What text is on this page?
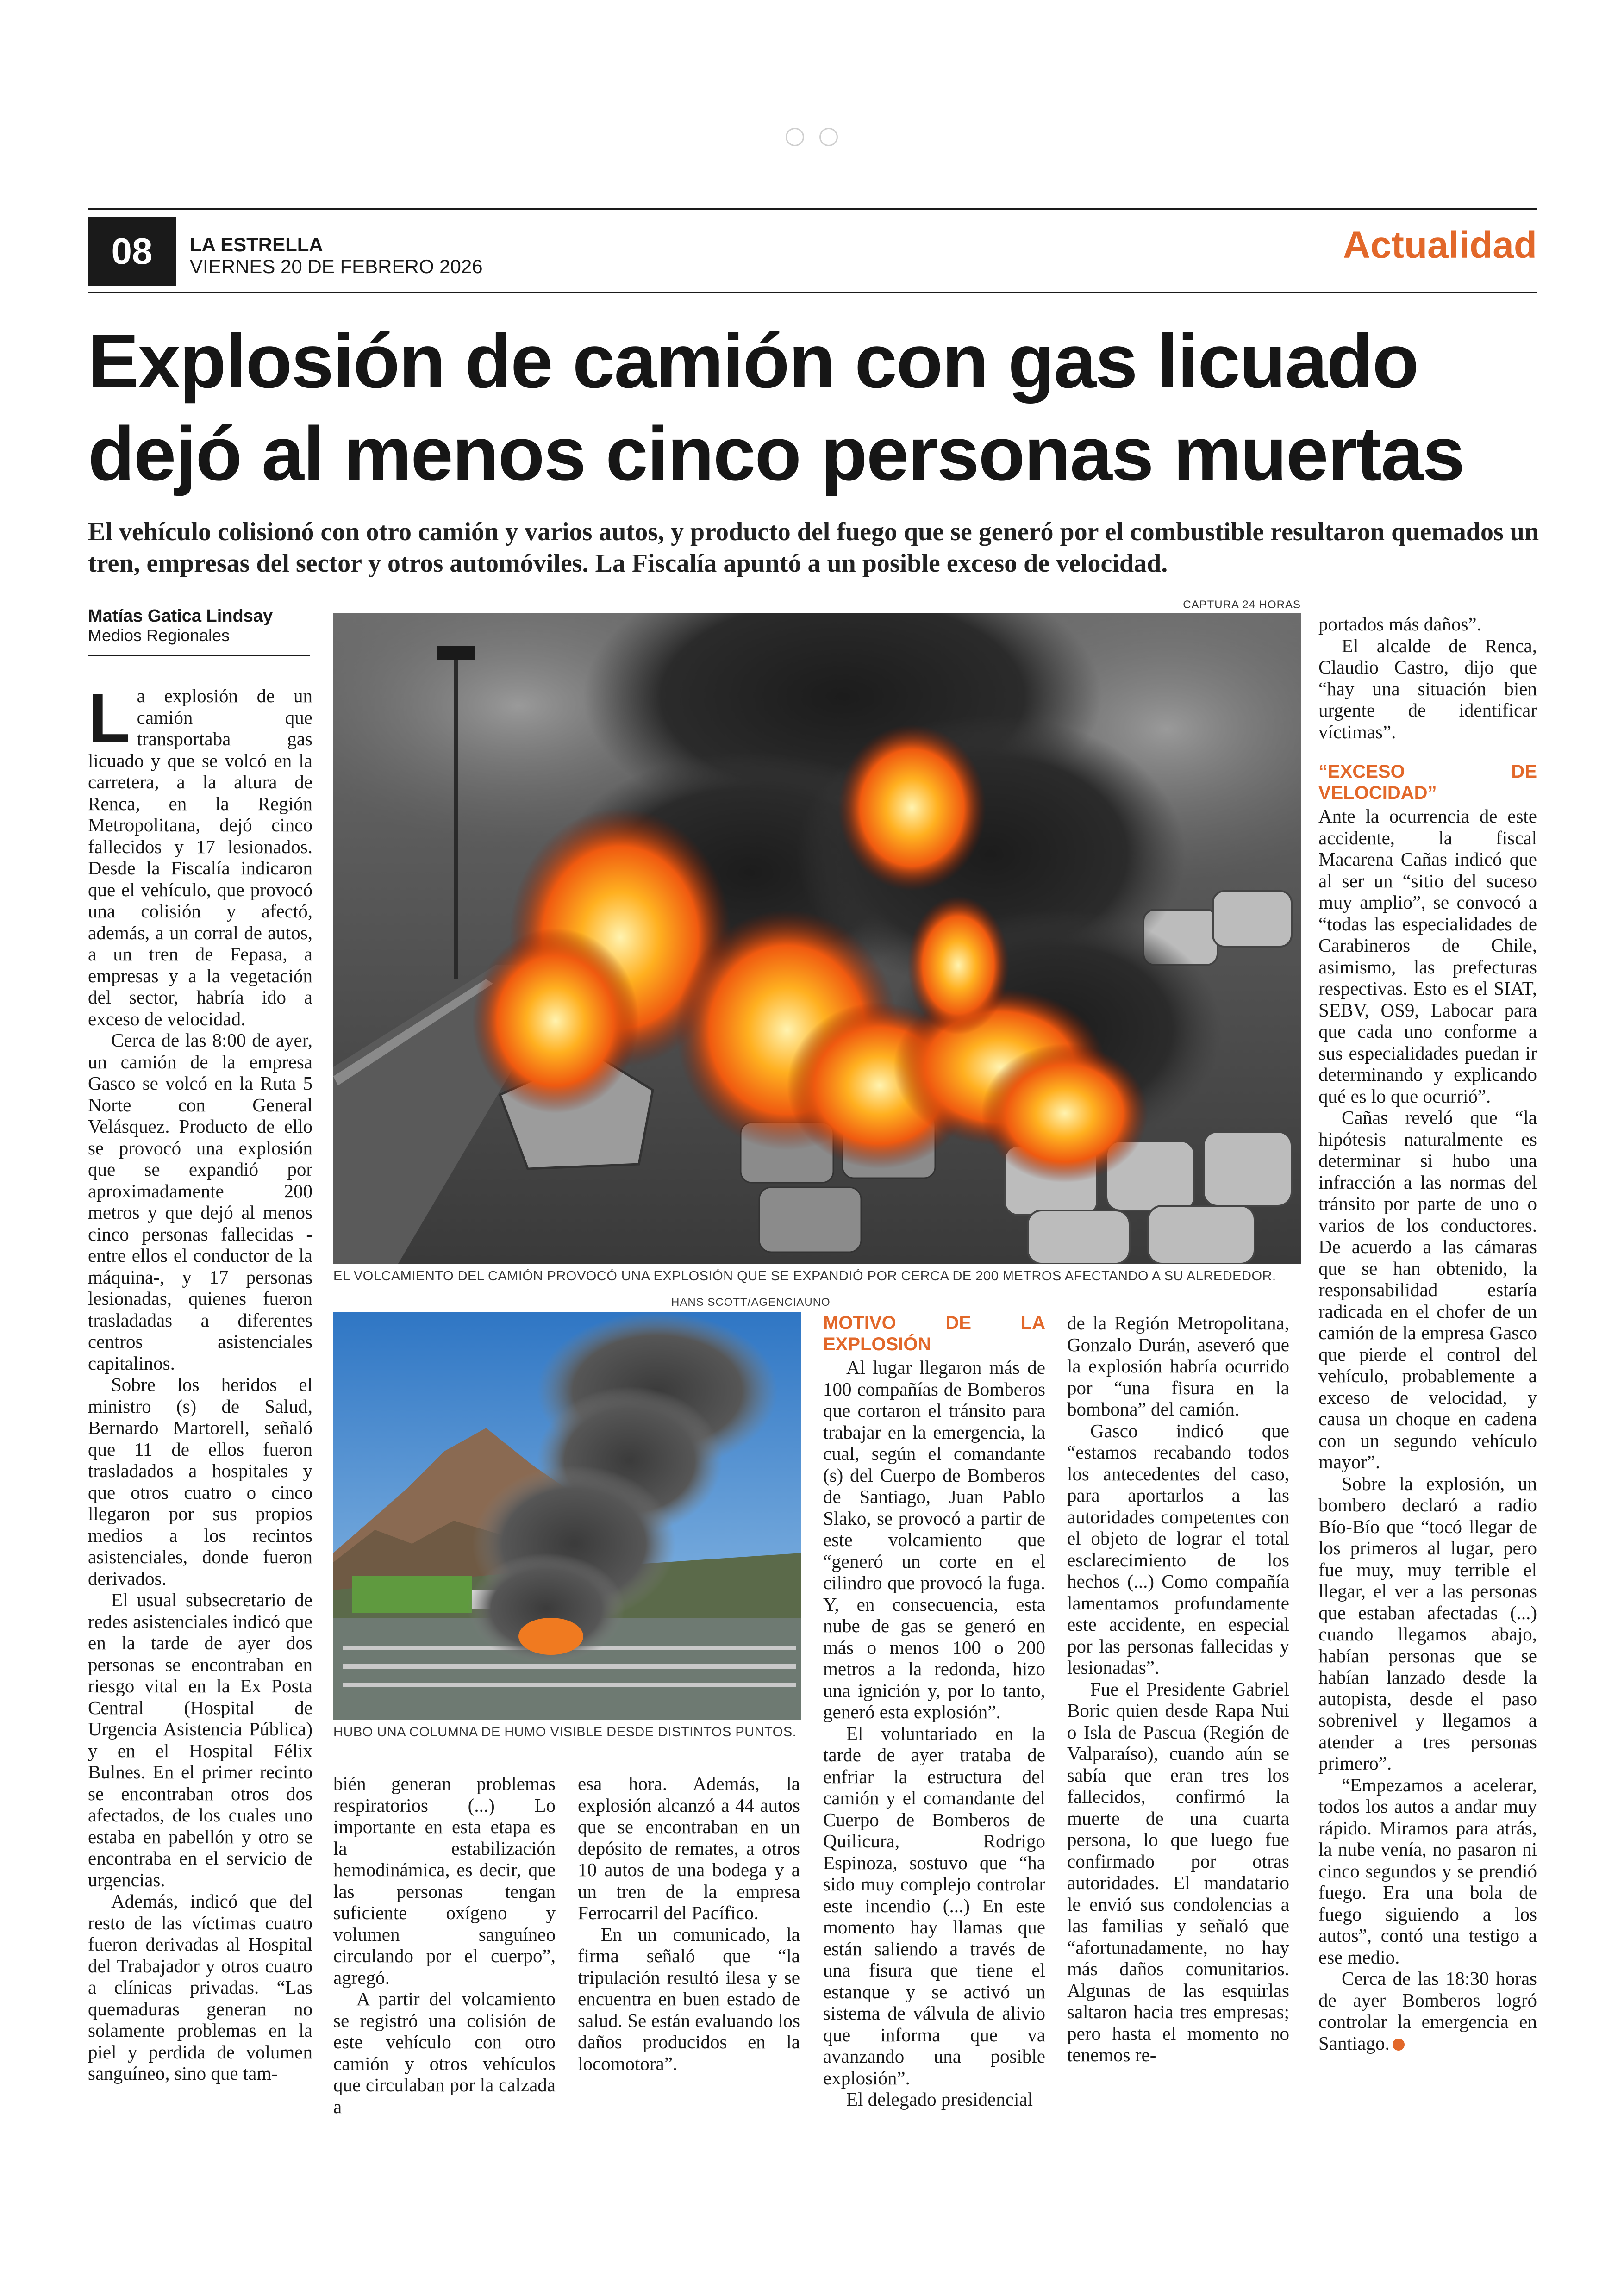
08	LA ESTRELLA
VIERNES 20 DE FEBRERO 2026
Actualidad
Explosión de camión con gas licuado
dejó al menos cinco personas muertas
El vehículo colisionó con otro camión y varios autos, y producto del fuego que se generó por el combustible resultaron quemados un tren, empresas del sector y otros automóviles. La Fiscalía apuntó a un posible exceso de velocidad.
Matías Gatica Lindsay
Medios Regionales
CAPTURA 24 HORAS
EL VOLCAMIENTO DEL CAMIÓN PROVOCÓ UNA EXPLOSIÓN QUE SE EXPANDIÓ POR CERCA DE 200 METROS AFECTANDO A SU ALREDEDOR.
HANS SCOTT/AGENCIAUNO
HUBO UNA COLUMNA DE HUMO VISIBLE DESDE DISTINTOS PUNTOS.

La explosión de un camión que transportaba gas licuado y que se volcó en la carretera, a la altura de Renca, en la Región Metropolitana, dejó cinco fallecidos y 17 lesionados. Desde la Fiscalía indicaron que el vehículo, que provocó una colisión y afectó, además, a un corral de autos, a un tren de Fepasa, a empresas y a la vegetación del sector, habría ido a exceso de velocidad.

Cerca de las 8:00 de ayer, un camión de la empresa Gasco se volcó en la Ruta 5 Norte con General Velásquez. Producto de ello se provocó una explosión que se expandió por aproximadamente 200 metros y que dejó al menos cinco personas fallecidas -entre ellos el conductor de la máquina-, y 17 personas lesionadas, quienes fueron trasladadas a diferentes centros asistenciales capitalinos.

Sobre los heridos el ministro (s) de Salud, Bernardo Martorell, señaló que 11 de ellos fueron trasladados a hospitales y que otros cuatro o cinco llegaron por sus propios medios a los recintos asistenciales, donde fueron derivados.

El usual subsecretario de redes asistenciales indicó que en la tarde de ayer dos personas se encontraban en riesgo vital en la Ex Posta Central (Hospital de Urgencia Asistencia Pública) y en el Hospital Félix Bulnes. En el primer recinto se encontraban otros dos afectados, de los cuales uno estaba en pabellón y otro se encontraba en el servicio de urgencias.

Además, indicó que del resto de las víctimas cuatro fueron derivadas al Hospital del Trabajador y otros cuatro a clínicas privadas. “Las quemaduras generan no solamente problemas en la piel y perdida de volumen sanguíneo, sino que tam-

bién generan problemas respiratorios (...) Lo importante en esta etapa es la estabilización hemodinámica, es decir, que las personas tengan suficiente oxígeno y volumen sanguíneo circulando por el cuerpo”, agregó.

A partir del volcamiento se registró una colisión de este vehículo con otro camión y otros vehículos que circulaban por la calzada a

esa hora. Además, la explosión alcanzó a 44 autos que se encontraban en un depósito de remates, a otros 10 autos de una bodega y a un tren de la empresa Ferrocarril del Pacífico.

En un comunicado, la firma señaló que “la tripulación resultó ilesa y se encuentra en buen estado de salud. Se están evaluando los daños producidos en la locomotora”.

MOTIVO DE LA EXPLOSIÓN

Al lugar llegaron más de 100 compañías de Bomberos que cortaron el tránsito para trabajar en la emergencia, la cual, según el comandante (s) del Cuerpo de Bomberos de Santiago, Juan Pablo Slako, se provocó a partir de este volcamiento que “generó un corte en el cilindro que provocó la fuga. Y, en consecuencia, esta nube de gas se generó en más o menos 100 o 200 metros a la redonda, hizo una ignición y, por lo tanto, generó esta explosión”.

El voluntariado en la tarde de ayer trataba de enfriar la estructura del camión y el comandante del Cuerpo de Bomberos de Quilicura, Rodrigo Espinoza, sostuvo que “ha sido muy complejo controlar este incendio (...) En este momento hay llamas que están saliendo a través de una fisura que tiene el estanque y se activó un sistema de válvula de alivio que informa que va avanzando una posible explosión”.

El delegado presidencial

de la Región Metropolitana, Gonzalo Durán, aseveró que la explosión habría ocurrido por “una fisura en la bombona” del camión.

Gasco indicó que “estamos recabando todos los antecedentes del caso, para aportarlos a las autoridades competentes con el objeto de lograr el total esclarecimiento de los hechos (...) Como compañía lamentamos profundamente este accidente, en especial por las personas fallecidas y lesionadas”.

Fue el Presidente Gabriel Boric quien desde Rapa Nui o Isla de Pascua (Región de Valparaíso), cuando aún se sabía que eran tres los fallecidos, confirmó la muerte de una cuarta persona, lo que luego fue confirmado por otras autoridades. El mandatario le envió sus condolencias a las familias y señaló que “afortunadamente, no hay más daños comunitarios. Algunas de las esquirlas saltaron hacia tres empresas; pero hasta el momento no tenemos re-

portados más daños”.

El alcalde de Renca, Claudio Castro, dijo que “hay una situación bien urgente de identificar víctimas”.

“EXCESO DE VELOCIDAD”

Ante la ocurrencia de este accidente, la fiscal Macarena Cañas indicó que al ser un “sitio del suceso muy amplio”, se convocó a “todas las especialidades de Carabineros de Chile, asimismo, las prefecturas respectivas. Esto es el SIAT, SEBV, OS9, Labocar para que cada uno conforme a sus especialidades puedan ir determinando y explicando qué es lo que ocurrió”.

Cañas reveló que “la hipótesis naturalmente es determinar si hubo una infracción a las normas del tránsito por parte de uno o varios de los conductores. De acuerdo a las cámaras que se han obtenido, la responsabilidad estaría radicada en el chofer de un camión de la empresa Gasco que pierde el control del vehículo, probablemente a exceso de velocidad, y causa un choque en cadena con un segundo vehículo mayor”.

Sobre la explosión, un bombero declaró a radio Bío-Bío que “tocó llegar de los primeros al lugar, pero fue muy, muy terrible el llegar, el ver a las personas que estaban afectadas (...) cuando llegamos abajo, habían personas que se habían lanzado desde la autopista, desde el paso sobrenivel y llegamos a atender a tres personas primero”.

“Empezamos a acelerar, todos los autos a andar muy rápido. Miramos para atrás, la nube venía, no pasaron ni cinco segundos y se prendió fuego. Era una bola de fuego siguiendo a los autos”, contó una testigo a ese medio.

Cerca de las 18:30 horas de ayer Bomberos logró controlar la emergencia en Santiago.
